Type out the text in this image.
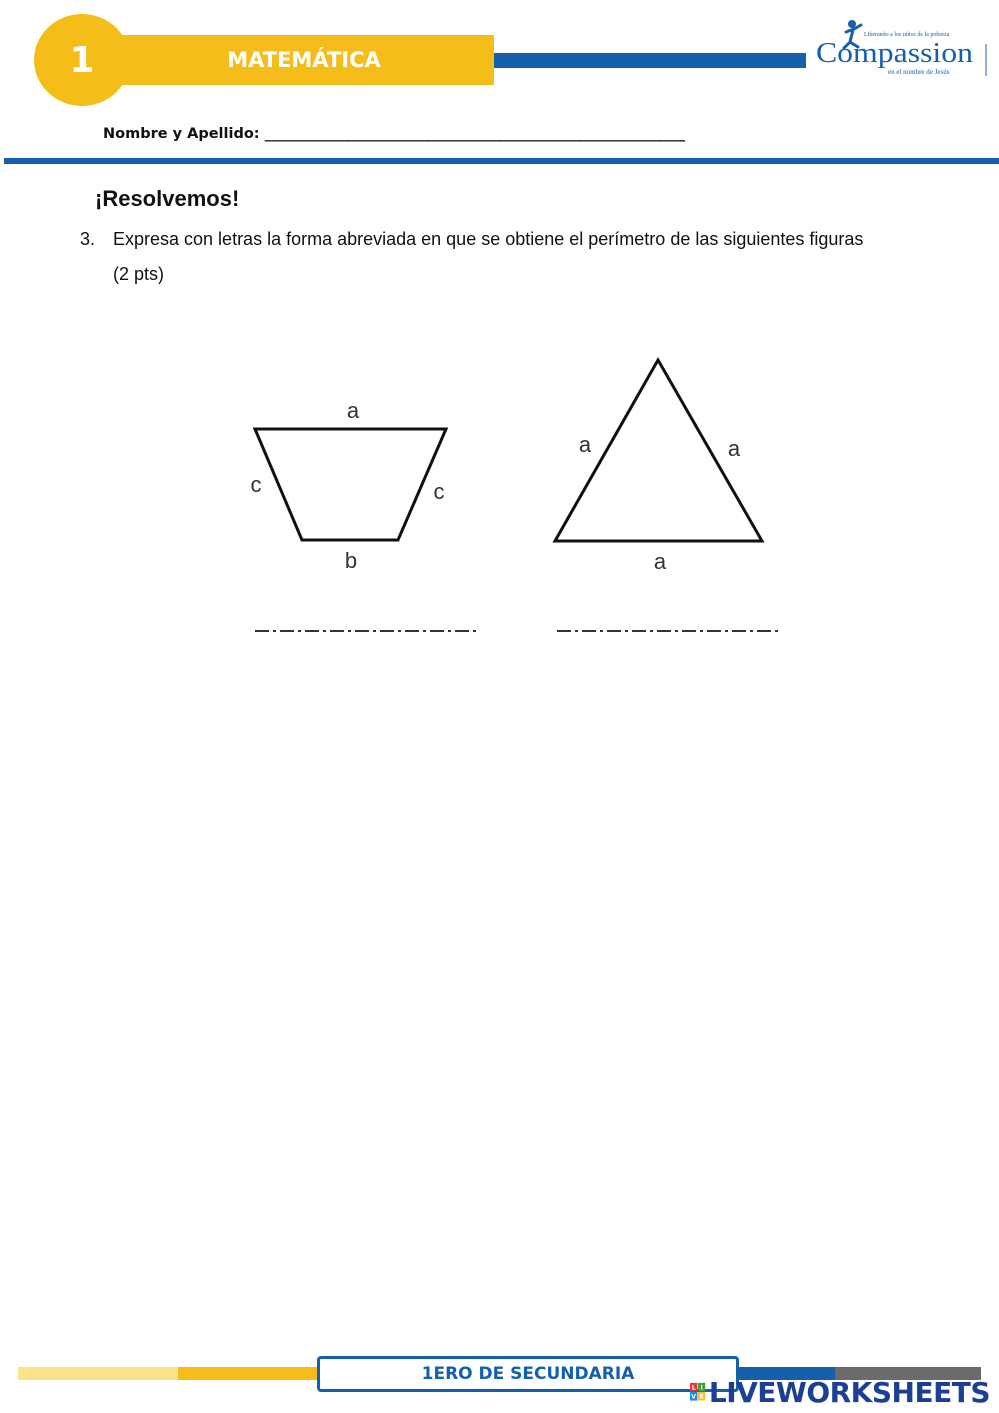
1	MATEMÁTICA
Liberando a los niños de la pobreza
Compassion
en el nombre de Jesús
Nombre y Apellido: __________________________________________________________
¡Resolvemos!
3. Expresa con letras la forma abreviada en que se obtiene el perímetro de las siguientes figuras
(2 pts)
a
c	c
b
a	a
a
1ERO DE SECUNDARIA
L I
V E LIVEWORKSHEETS
